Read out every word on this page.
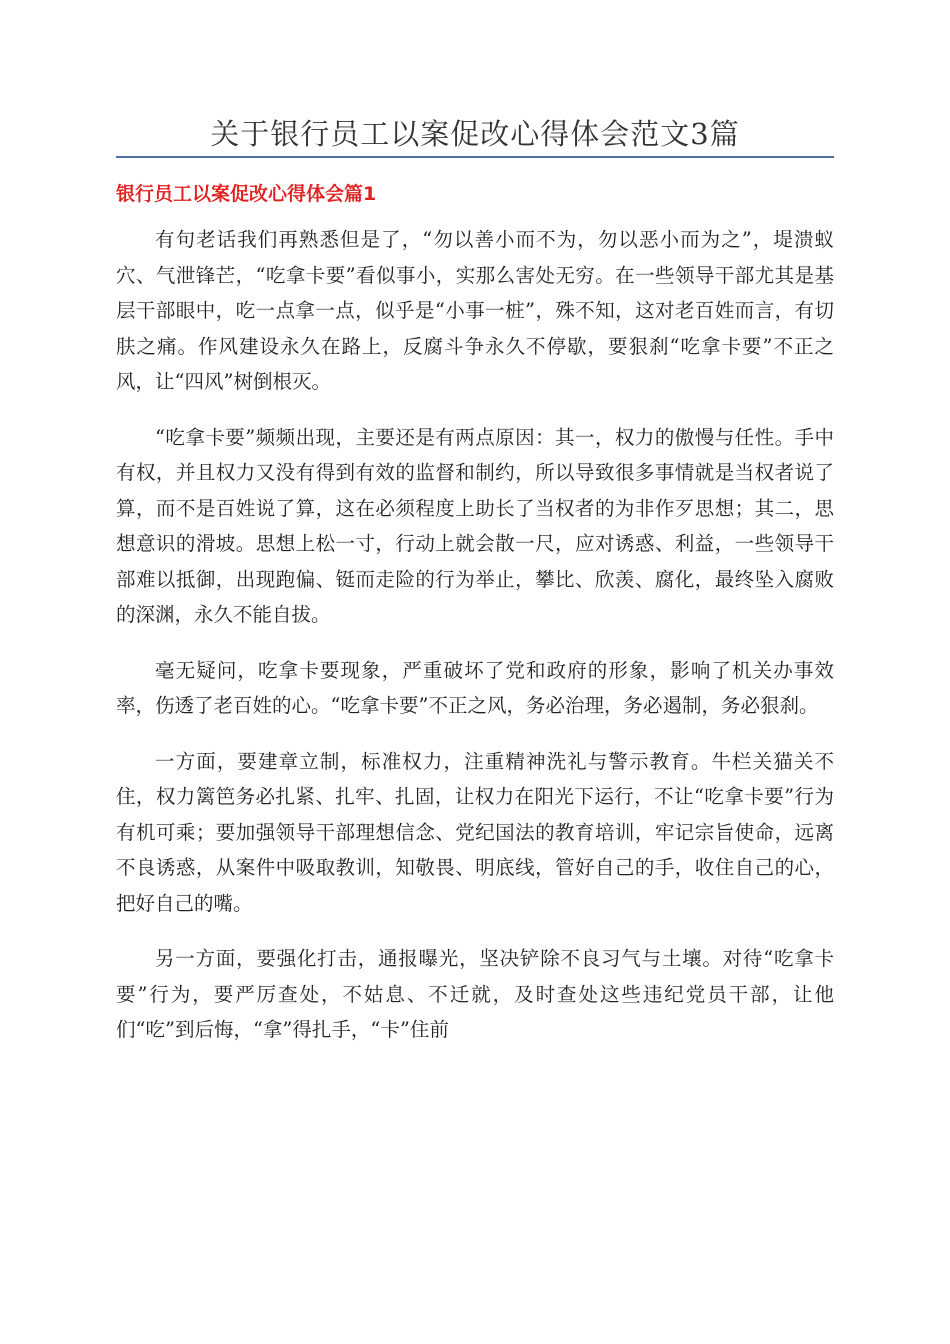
关于银行员工以案促改心得体会范文3篇
银行员工以案促改心得体会篇1

有句老话我们再熟悉但是了，“勿以善小而不为，勿以恶小而为之”，堤溃蚁穴、气泄锋芒，“吃拿卡要”看似事小，实那么害处无穷。在一些领导干部尤其是基层干部眼中，吃一点拿一点，似乎是“小事一桩”，殊不知，这对老百姓而言，有切肤之痛。作风建设永久在路上，反腐斗争永久不停歇，要狠刹“吃拿卡要”不正之风，让“四风”树倒根灭。

“吃拿卡要”频频出现，主要还是有两点原因：其一，权力的傲慢与任性。手中有权，并且权力又没有得到有效的监督和制约，所以导致很多事情就是当权者说了算，而不是百姓说了算，这在必须程度上助长了当权者的为非作歹思想；其二，思想意识的滑坡。思想上松一寸，行动上就会散一尺，应对诱惑、利益，一些领导干部难以抵御，出现跑偏、铤而走险的行为举止，攀比、欣羡、腐化，最终坠入腐败的深渊，永久不能自拔。

毫无疑问，吃拿卡要现象，严重破坏了党和政府的形象，影响了机关办事效率，伤透了老百姓的心。“吃拿卡要”不正之风，务必治理，务必遏制，务必狠刹。

一方面，要建章立制，标准权力，注重精神洗礼与警示教育。牛栏关猫关不住，权力篱笆务必扎紧、扎牢、扎固，让权力在阳光下运行，不让“吃拿卡要”行为有机可乘；要加强领导干部理想信念、党纪国法的教育培训，牢记宗旨使命，远离不良诱惑，从案件中吸取教训，知敬畏、明底线，管好自己的手，收住自己的心，把好自己的嘴。

另一方面，要强化打击，通报曝光，坚决铲除不良习气与土壤。对待“吃拿卡要”行为，要严厉查处，不姑息、不迁就，及时查处这些违纪党员干部，让他们“吃”到后悔，“拿”得扎手，“卡”住前
